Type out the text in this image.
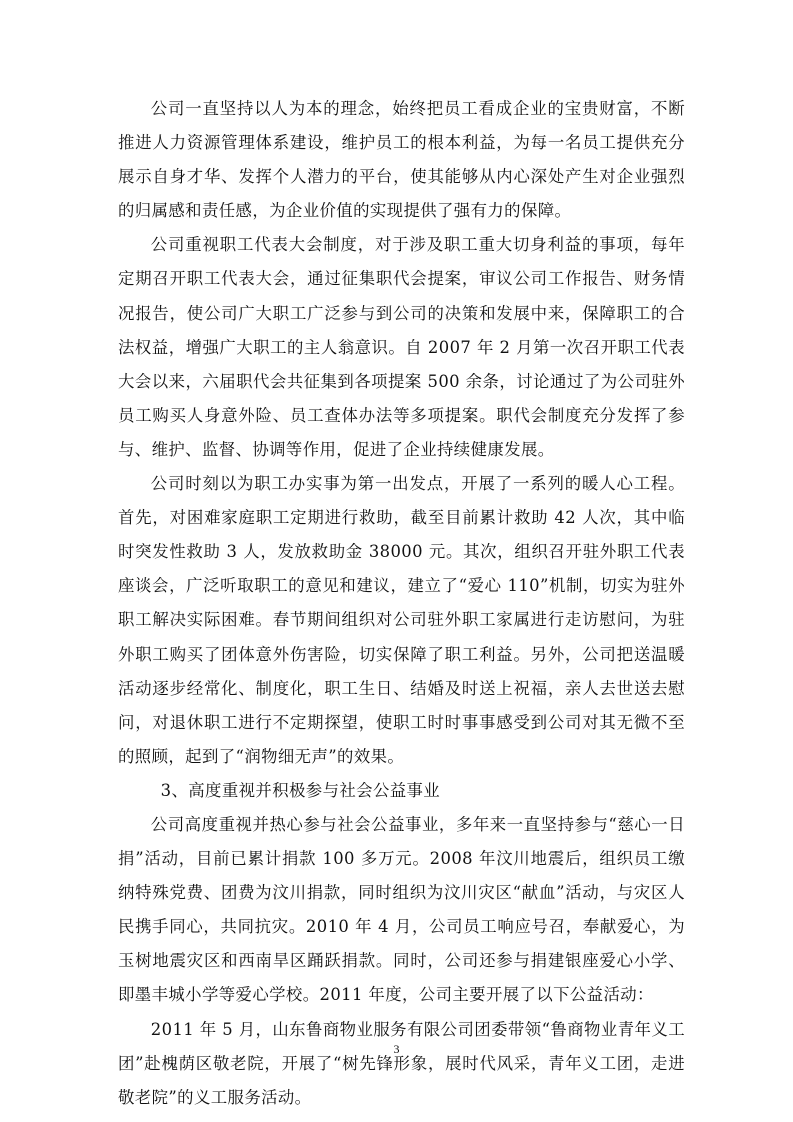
公司一直坚持以人为本的理念，始终把员工看成企业的宝贵财富，不断推进人力资源管理体系建设，维护员工的根本利益，为每一名员工提供充分展示自身才华、发挥个人潜力的平台，使其能够从内心深处产生对企业强烈的归属感和责任感，为企业价值的实现提供了强有力的保障。

公司重视职工代表大会制度，对于涉及职工重大切身利益的事项，每年定期召开职工代表大会，通过征集职代会提案，审议公司工作报告、财务情况报告，使公司广大职工广泛参与到公司的决策和发展中来，保障职工的合法权益，增强广大职工的主人翁意识。自 2007 年 2 月第一次召开职工代表大会以来，六届职代会共征集到各项提案 500 余条，讨论通过了为公司驻外员工购买人身意外险、员工查体办法等多项提案。职代会制度充分发挥了参与、维护、监督、协调等作用，促进了企业持续健康发展。

公司时刻以为职工办实事为第一出发点，开展了一系列的暖人心工程。首先，对困难家庭职工定期进行救助，截至目前累计救助 42 人次，其中临时突发性救助 3 人，发放救助金 38000 元。其次，组织召开驻外职工代表座谈会，广泛听取职工的意见和建议，建立了“爱心 110”机制，切实为驻外职工解决实际困难。春节期间组织对公司驻外职工家属进行走访慰问，为驻外职工购买了团体意外伤害险，切实保障了职工利益。另外，公司把送温暖活动逐步经常化、制度化，职工生日、结婚及时送上祝福，亲人去世送去慰问，对退休职工进行不定期探望，使职工时时事事感受到公司对其无微不至的照顾，起到了“润物细无声”的效果。

3、高度重视并积极参与社会公益事业

公司高度重视并热心参与社会公益事业，多年来一直坚持参与“慈心一日捐”活动，目前已累计捐款 100 多万元。2008 年汶川地震后，组织员工缴纳特殊党费、团费为汶川捐款，同时组织为汶川灾区“献血”活动，与灾区人民携手同心，共同抗灾。2010 年 4 月，公司员工响应号召，奉献爱心，为玉树地震灾区和西南旱区踊跃捐款。同时，公司还参与捐建银座爱心小学、即墨丰城小学等爱心学校。2011 年度，公司主要开展了以下公益活动：

2011 年 5 月，山东鲁商物业服务有限公司团委带领“鲁商物业青年义工团”赴槐荫区敬老院，开展了“树先锋形象，展时代风采，青年义工团，走进敬老院”的义工服务活动。

3
